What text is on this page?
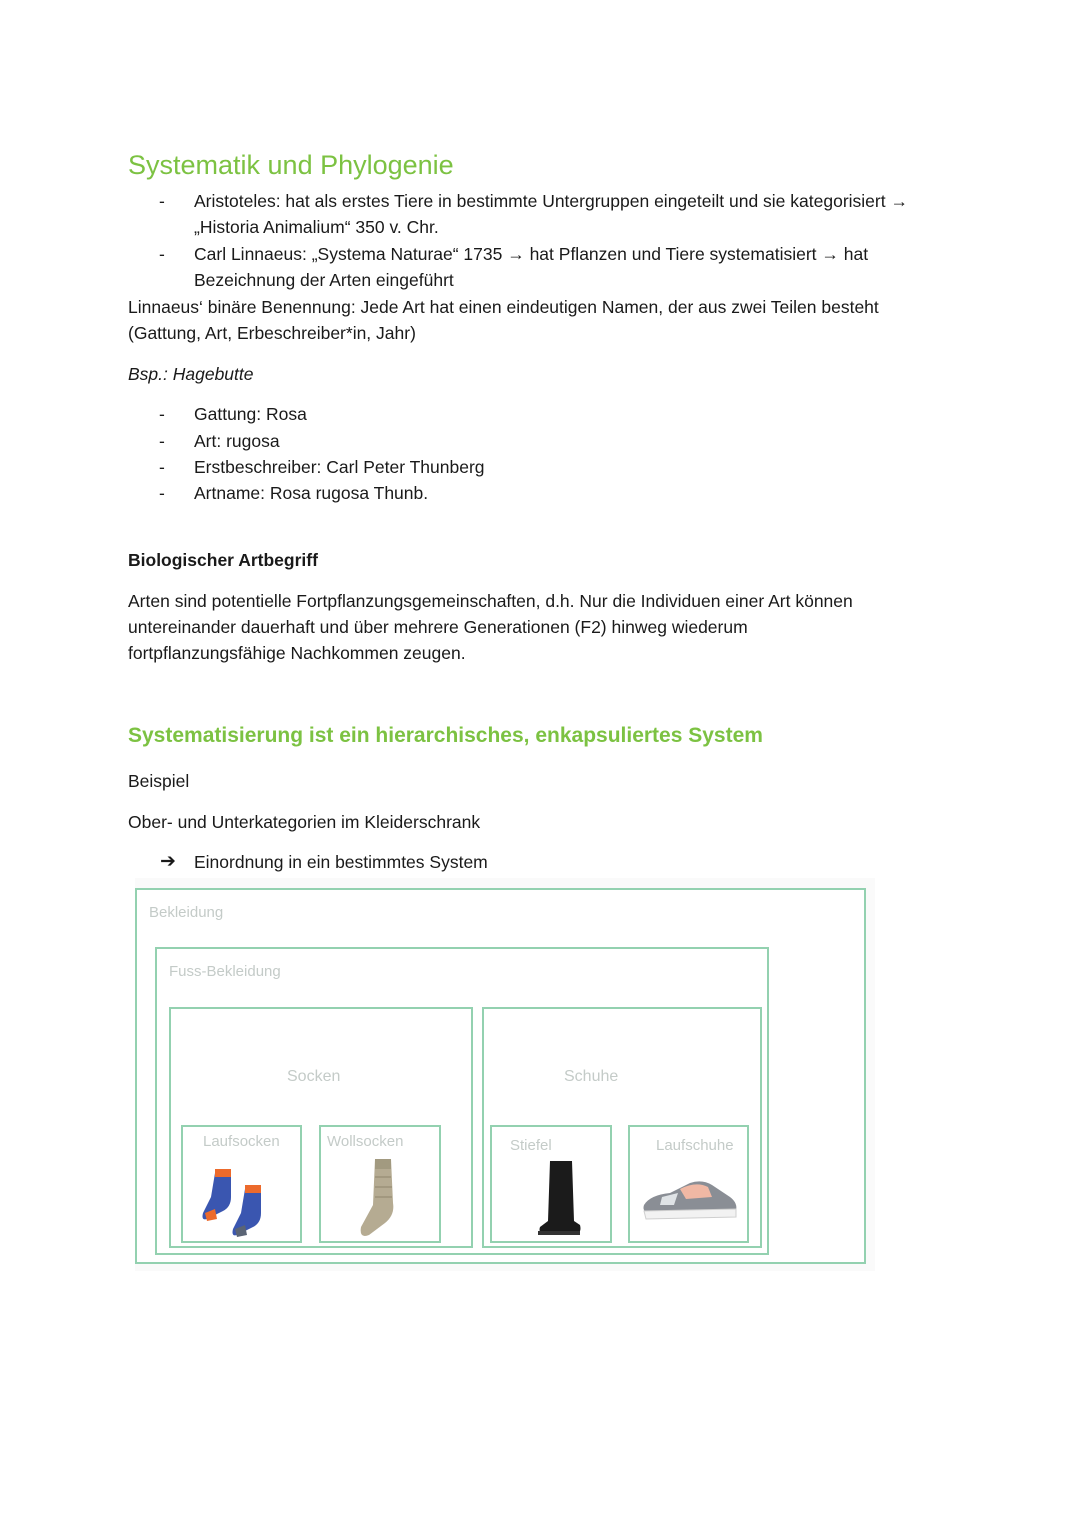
Systematik und Phylogenie
- Aristoteles: hat als erstes Tiere in bestimmte Untergruppen eingeteilt und sie kategorisiert →
„Historia Animalium“ 350 v. Chr.
- Carl Linnaeus: „Systema Naturae“ 1735 → hat Pflanzen und Tiere systematisiert → hat
Bezeichnung der Arten eingeführt
Linnaeus‘ binäre Benennung: Jede Art hat einen eindeutigen Namen, der aus zwei Teilen besteht
(Gattung, Art, Erbeschreiber*in, Jahr)
Bsp.: Hagebutte
- Gattung: Rosa
- Art: rugosa
- Erstbeschreiber: Carl Peter Thunberg
- Artname: Rosa rugosa Thunb.
Biologischer Artbegriff
Arten sind potentielle Fortpflanzungsgemeinschaften, d.h. Nur die Individuen einer Art können
untereinander dauerhaft und über mehrere Generationen (F2) hinweg wiederum
fortpflanzungsfähige Nachkommen zeugen.
Systematisierung ist ein hierarchisches, enkapsuliertes System
Beispiel
Ober- und Unterkategorien im Kleiderschrank
➔ Einordnung in ein bestimmtes System
Bekleidung
Fuss-Bekleidung
Socken
Laufsocken	Wollsocken
Schuhe
Stiefel	Laufschuhe
